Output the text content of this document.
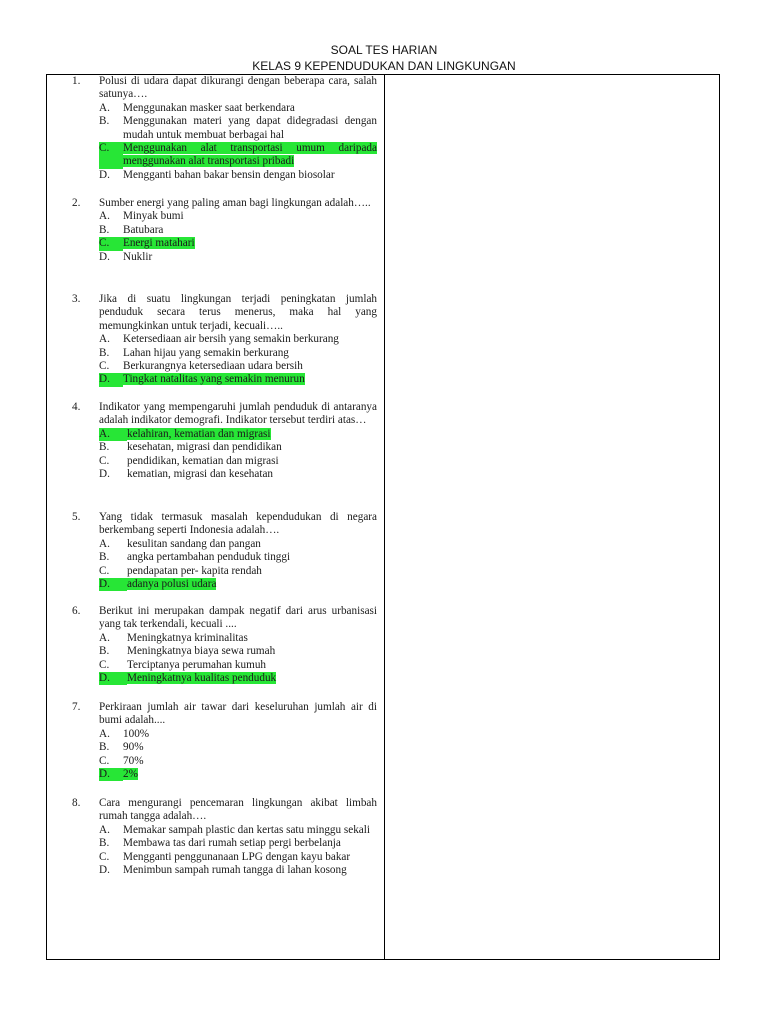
SOAL TES HARIAN
KELAS 9 KEPENDUDUKAN DAN LINGKUNGAN
1.	Polusi di udara dapat dikurangi dengan beberapa cara, salah satunya….
A.	Menggunakan masker saat berkendara
B.	Menggunakan materi yang dapat didegradasi dengan mudah untuk membuat berbagai hal
C.	Menggunakan alat transportasi umum daripada menggunakan alat transportasi pribadi
D.	Mengganti bahan bakar bensin dengan biosolar
2.	Sumber energi yang paling aman bagi lingkungan adalah…..
A.	Minyak bumi
B.	Batubara
C.	Energi matahari
D.	Nuklir
3.	Jika di suatu lingkungan terjadi peningkatan jumlah penduduk secara terus menerus, maka hal yang memungkinkan untuk terjadi, kecuali…..
A.	Ketersediaan air bersih yang semakin berkurang
B.	Lahan hijau yang semakin berkurang
C.	Berkurangnya ketersediaan udara bersih
D.	Tingkat natalitas yang semakin menurun
4.	Indikator yang mempengaruhi jumlah penduduk di antaranya adalah indikator demografi. Indikator tersebut terdiri atas…
A.	kelahiran, kematian dan migrasi
B.	kesehatan, migrasi dan pendidikan
C.	pendidikan, kematian dan migrasi
D.	kematian, migrasi dan kesehatan
5.	Yang tidak termasuk masalah kependudukan di negara berkembang seperti Indonesia adalah….
A.	kesulitan sandang dan pangan
B.	angka pertambahan penduduk tinggi
C.	pendapatan per- kapita rendah
D.	adanya polusi udara
6.	Berikut ini merupakan dampak negatif dari arus urbanisasi yang tak terkendali, kecuali ....
A.	Meningkatnya kriminalitas
B.	Meningkatnya biaya sewa rumah
C.	Terciptanya perumahan kumuh
D.	Meningkatnya kualitas penduduk
7.	Perkiraan jumlah air tawar dari keseluruhan jumlah air di bumi adalah....
A.	100%
B.	90%
C.	70%
D.	2%
8.	Cara mengurangi pencemaran lingkungan akibat limbah rumah tangga adalah….
A.	Memakar sampah plastic dan kertas satu minggu sekali
B.	Membawa tas dari rumah setiap pergi berbelanja
C.	Mengganti penggunanaan LPG dengan kayu bakar
D.	Menimbun sampah rumah tangga di lahan kosong
